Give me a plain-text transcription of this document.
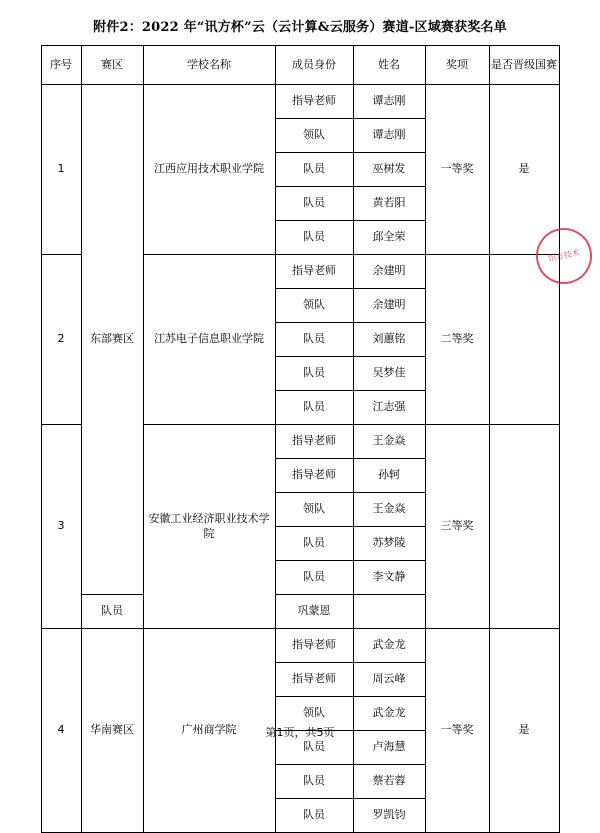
附件2：2022 年“讯方杯”云（云计算&云服务）赛道-区域赛获奖名单
序号	赛区	学校名称	成员身份	姓名	奖项	是否晋级国赛
1	东部赛区	江西应用技术职业学院	指导老师	谭志刚	一等奖	是
			领队	谭志刚		
			队员	巫树发		
			队员	黄若阳		
			队员	邱全荣		
2		江苏电子信息职业学院	指导老师	余建明	二等奖	
			领队	余建明		
			队员	刘蕙铭		
			队员	吴梦佳		
			队员	江志强		
3		安徽工业经济职业技术学院	指导老师	王金焱	三等奖	
			指导老师	孙轲		
			领队	王金焱		
			队员	苏梦陵		
			队员	李文静		
	队员		巩蒙恩			
4	华南赛区	广州商学院	指导老师	武金龙	一等奖	是
			指导老师	周云峰		
			领队	武金龙		
			队员	卢海慧		
			队员	蔡若蓉		
			队员	罗凯钧		
讯方技术
第1页，共5页
